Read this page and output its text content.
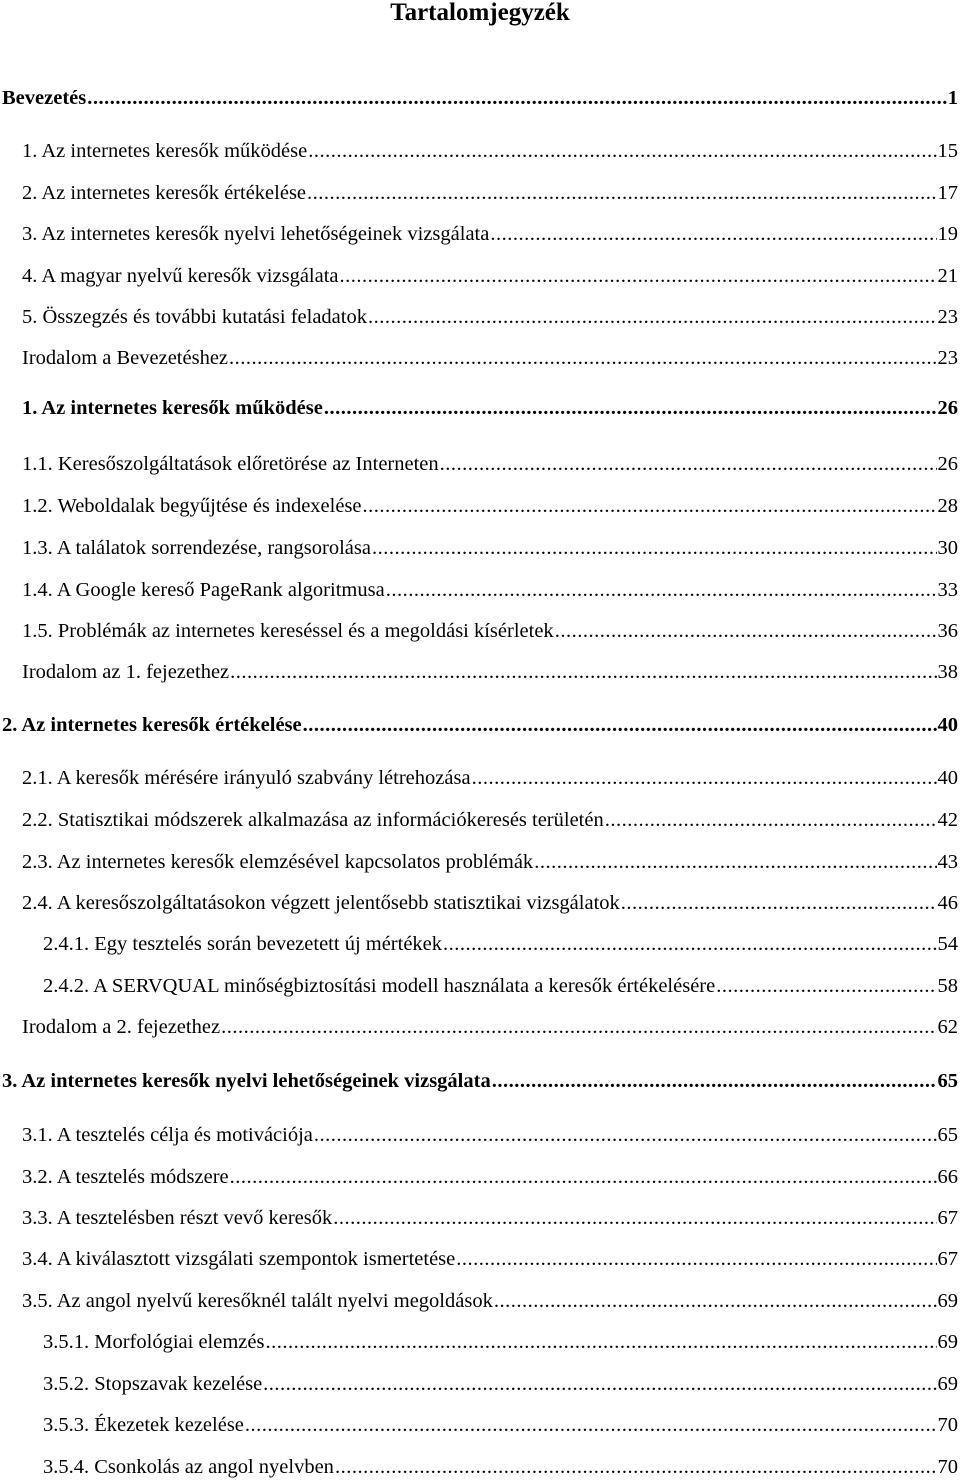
Tartalomjegyzék
Bevezetés .....	1
1. Az internetes keresők működése .....	15
2. Az internetes keresők értékelése .....	17
3. Az internetes keresők nyelvi lehetőségeinek vizsgálata .....	19
4. A magyar nyelvű keresők vizsgálata .....	21
5. Összegzés és további kutatási feladatok .....	23
Irodalom a Bevezetéshez .....	23
1. Az internetes keresők működése .....	26
1.1. Keresőszolgáltatások előretörése az Interneten .....	26
1.2. Weboldalak begyűjtése és indexelése .....	28
1.3. A találatok sorrendezése, rangsorolása .....	30
1.4. A Google kereső PageRank algoritmusa .....	33
1.5. Problémák az internetes kereséssel és a megoldási kísérletek .....	36
Irodalom az 1. fejezethez .....	38
2. Az internetes keresők értékelése .....	40
2.1. A keresők mérésére irányuló szabvány létrehozása .....	40
2.2. Statisztikai módszerek alkalmazása az információkeresés területén .....	42
2.3. Az internetes keresők elemzésével kapcsolatos problémák .....	43
2.4. A keresőszolgáltatásokon végzett jelentősebb statisztikai vizsgálatok .....	46
2.4.1. Egy tesztelés során bevezetett új mértékek .....	54
2.4.2. A SERVQUAL minőségbiztosítási modell használata a keresők értékelésére .....	58
Irodalom a 2. fejezethez .....	62
3. Az internetes keresők nyelvi lehetőségeinek vizsgálata .....	65
3.1. A tesztelés célja és motivációja .....	65
3.2. A tesztelés módszere .....	66
3.3. A tesztelésben részt vevő keresők .....	67
3.4. A kiválasztott vizsgálati szempontok ismertetése .....	67
3.5. Az angol nyelvű keresőknél talált nyelvi megoldások .....	69
3.5.1. Morfológiai elemzés .....	69
3.5.2. Stopszavak kezelése .....	69
3.5.3. Ékezetek kezelése .....	70
3.5.4. Csonkolás az angol nyelvben .....	70
